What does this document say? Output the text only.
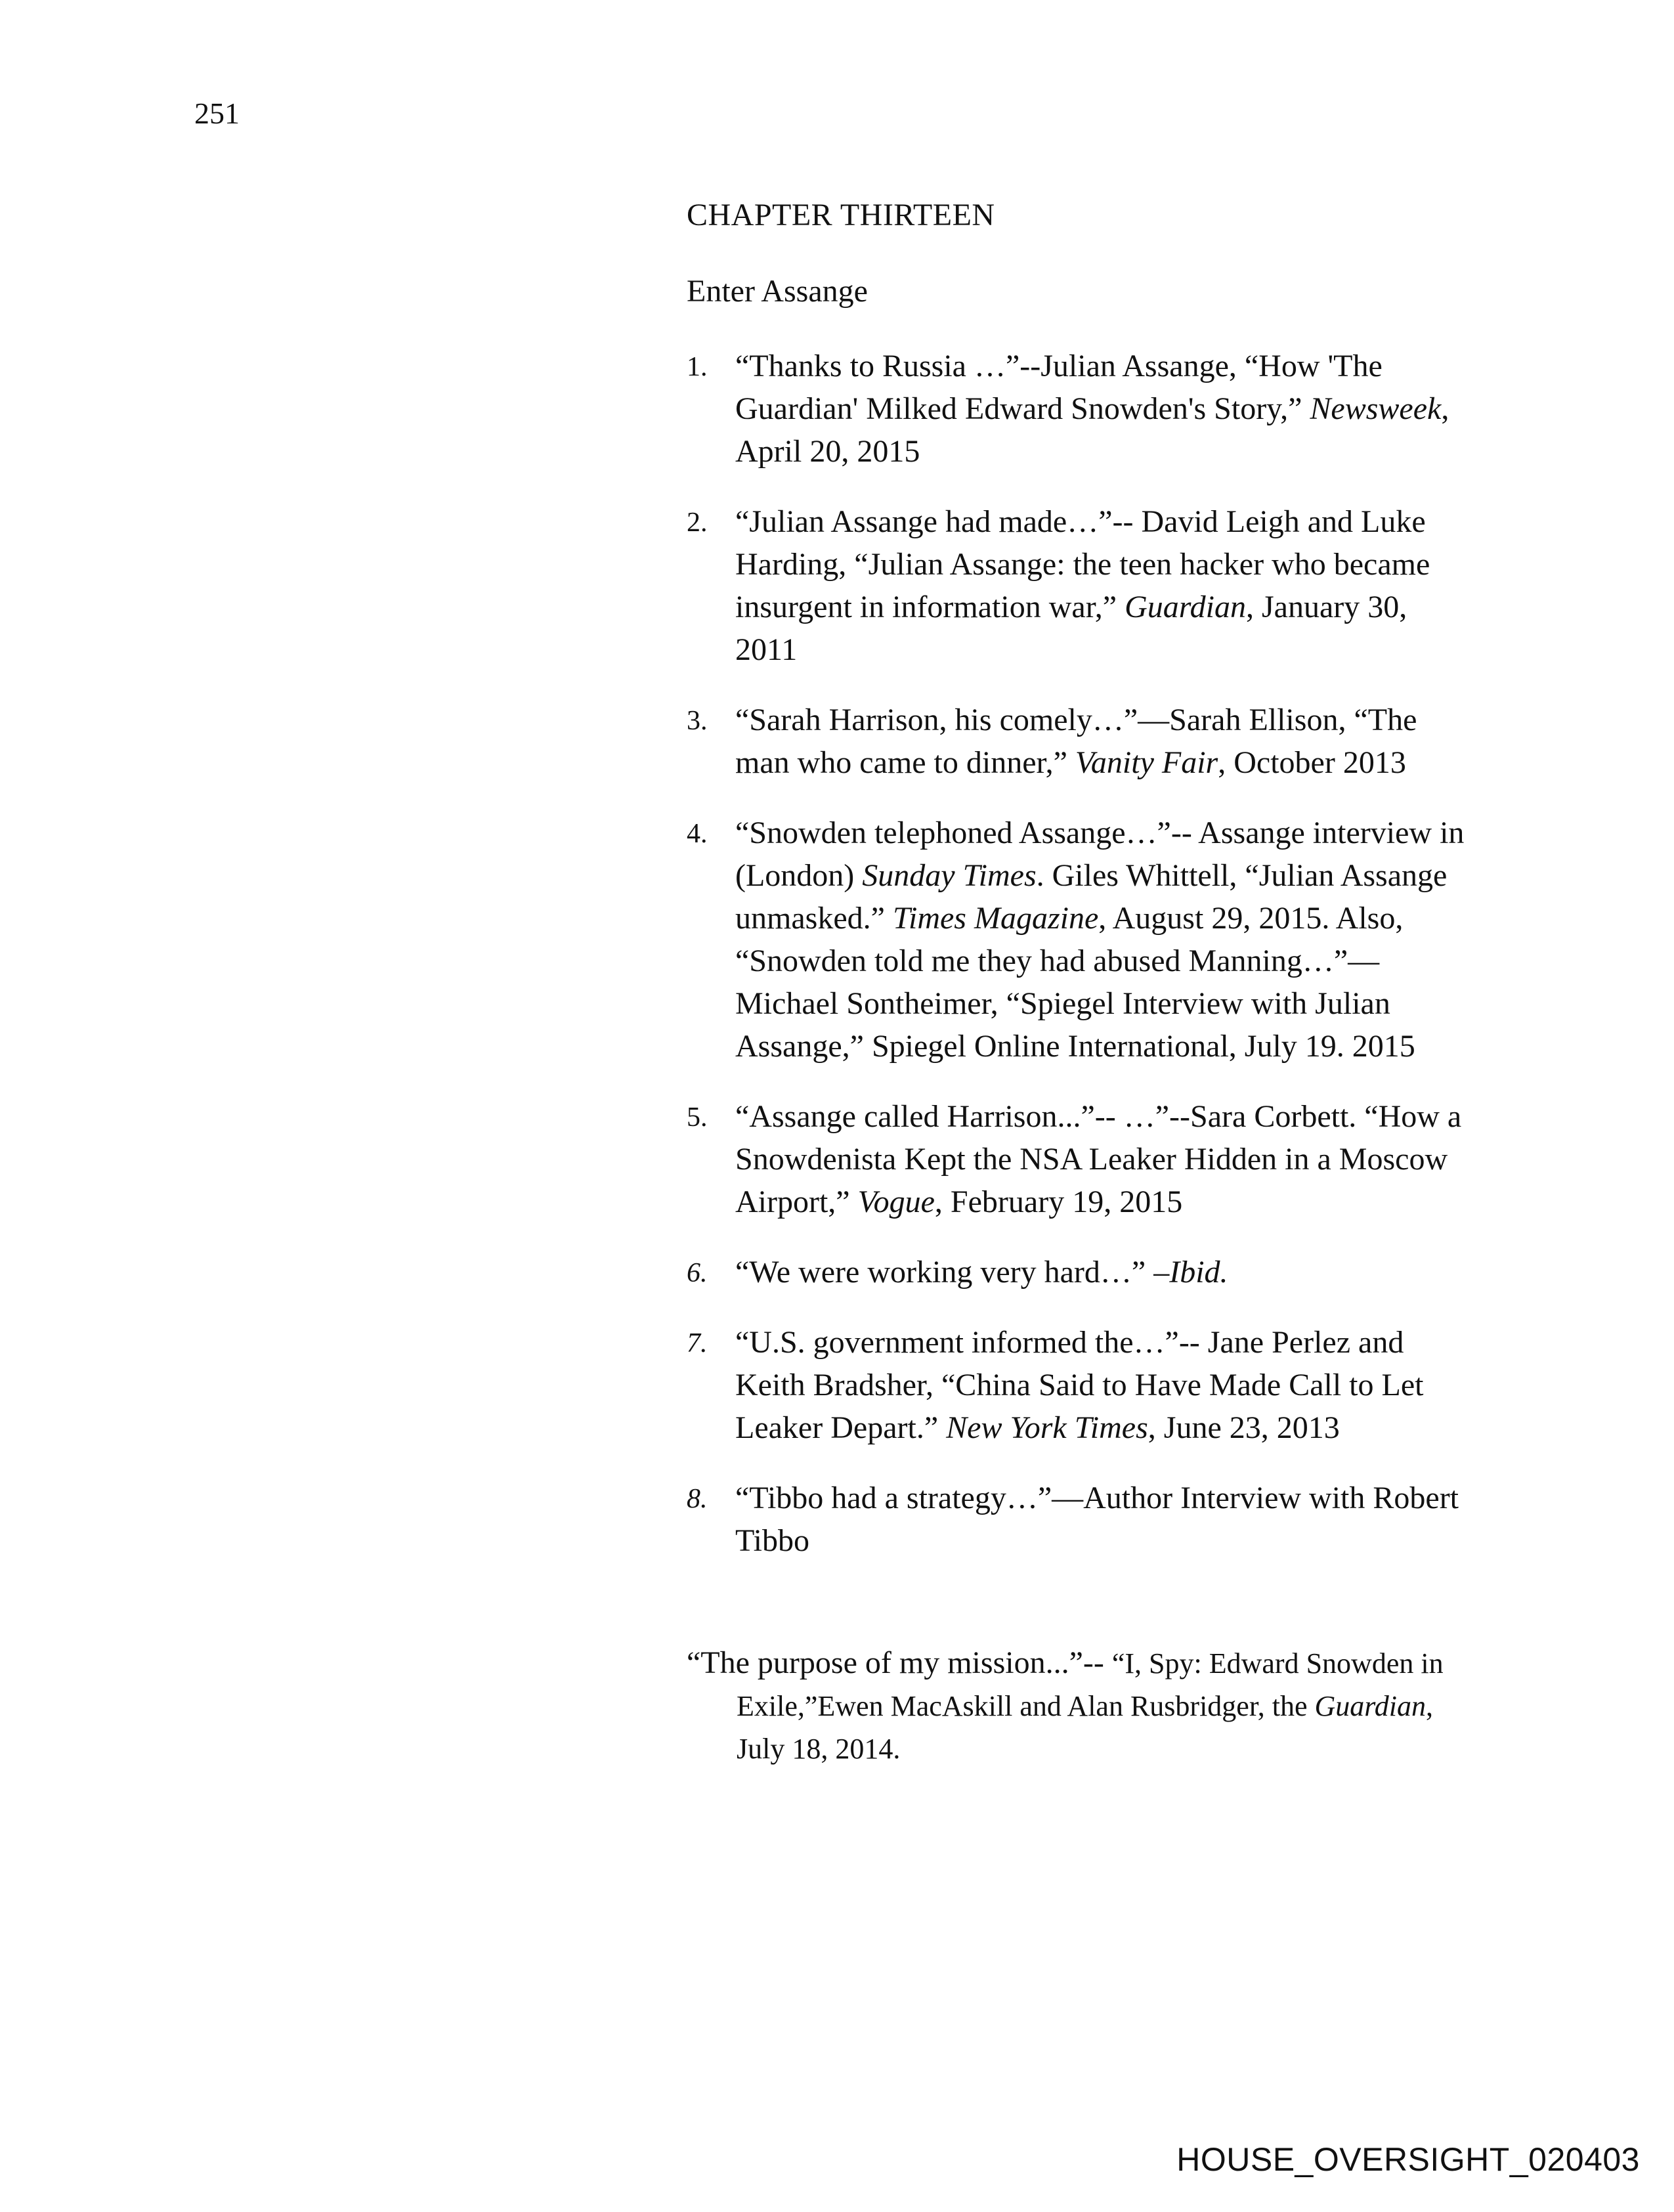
251
CHAPTER THIRTEEN
Enter Assange
1. “Thanks to Russia …”--Julian Assange, “How 'The Guardian' Milked Edward Snowden's Story,” Newsweek, April 20, 2015
2. “Julian Assange had made…”-- David Leigh and Luke Harding, “Julian Assange: the teen hacker who became insurgent in information war,” Guardian, January 30, 2011
3. “Sarah Harrison, his comely…”—Sarah Ellison, “The man who came to dinner,” Vanity Fair, October 2013
4. “Snowden telephoned Assange…”-- Assange interview in (London) Sunday Times. Giles Whittell, “Julian Assange unmasked.” Times Magazine, August 29, 2015. Also, “Snowden told me they had abused Manning…”— Michael Sontheimer, “Spiegel Interview with Julian Assange,” Spiegel Online International, July 19. 2015
5. “Assange called Harrison...”-- …”--Sara Corbett. “How a Snowdenista Kept the NSA Leaker Hidden in a Moscow Airport,” Vogue, February 19, 2015
6. “We were working very hard…” –Ibid.
7. “U.S. government informed the…”-- Jane Perlez and Keith Bradsher, “China Said to Have Made Call to Let Leaker Depart.” New York Times, June 23, 2013
8. “Tibbo had a strategy…”—Author Interview with Robert Tibbo
“The purpose of my mission...”-- “I, Spy: Edward Snowden in
Exile,”Ewen MacAskill and Alan Rusbridger, the Guardian,
July 18, 2014.
HOUSE_OVERSIGHT_020403
